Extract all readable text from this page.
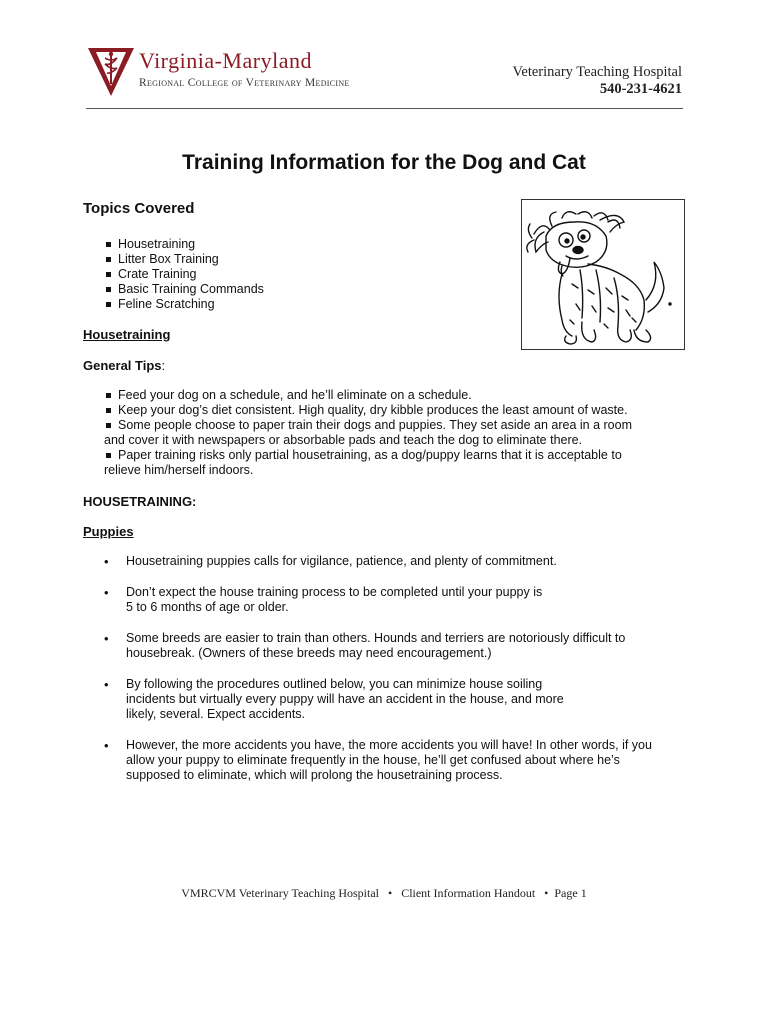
Virginia-Maryland
Regional College of Veterinary Medicine
Veterinary Teaching Hospital
540-231-4621
Training Information for the Dog and Cat
Topics Covered
Housetraining
Litter Box Training
Crate Training
Basic Training Commands
Feline Scratching
Housetraining
General Tips:
Feed your dog on a schedule, and he’ll eliminate on a schedule.
Keep your dog’s diet consistent. High quality, dry kibble produces the least amount of waste.
Some people choose to paper train their dogs and puppies. They set aside an area in a room
and cover it with newspapers or absorbable pads and teach the dog to eliminate there.
Paper training risks only partial housetraining, as a dog/puppy learns that it is acceptable to
relieve him/herself indoors.
HOUSETRAINING:
Puppies
• Housetraining puppies calls for vigilance, patience, and plenty of commitment.
• Don’t expect the house training process to be completed until your puppy is
5 to 6 months of age or older.
• Some breeds are easier to train than others. Hounds and terriers are notoriously difficult to
housebreak. (Owners of these breeds may need encouragement.)
• By following the procedures outlined below, you can minimize house soiling
incidents but virtually every puppy will have an accident in the house, and more
likely, several. Expect accidents.
• However, the more accidents you have, the more accidents you will have! In other words, if you
allow your puppy to eliminate frequently in the house, he’ll get confused about where he’s
supposed to eliminate, which will prolong the housetraining process.
VMRCVM Veterinary Teaching Hospital   •   Client Information Handout   •  Page 1
